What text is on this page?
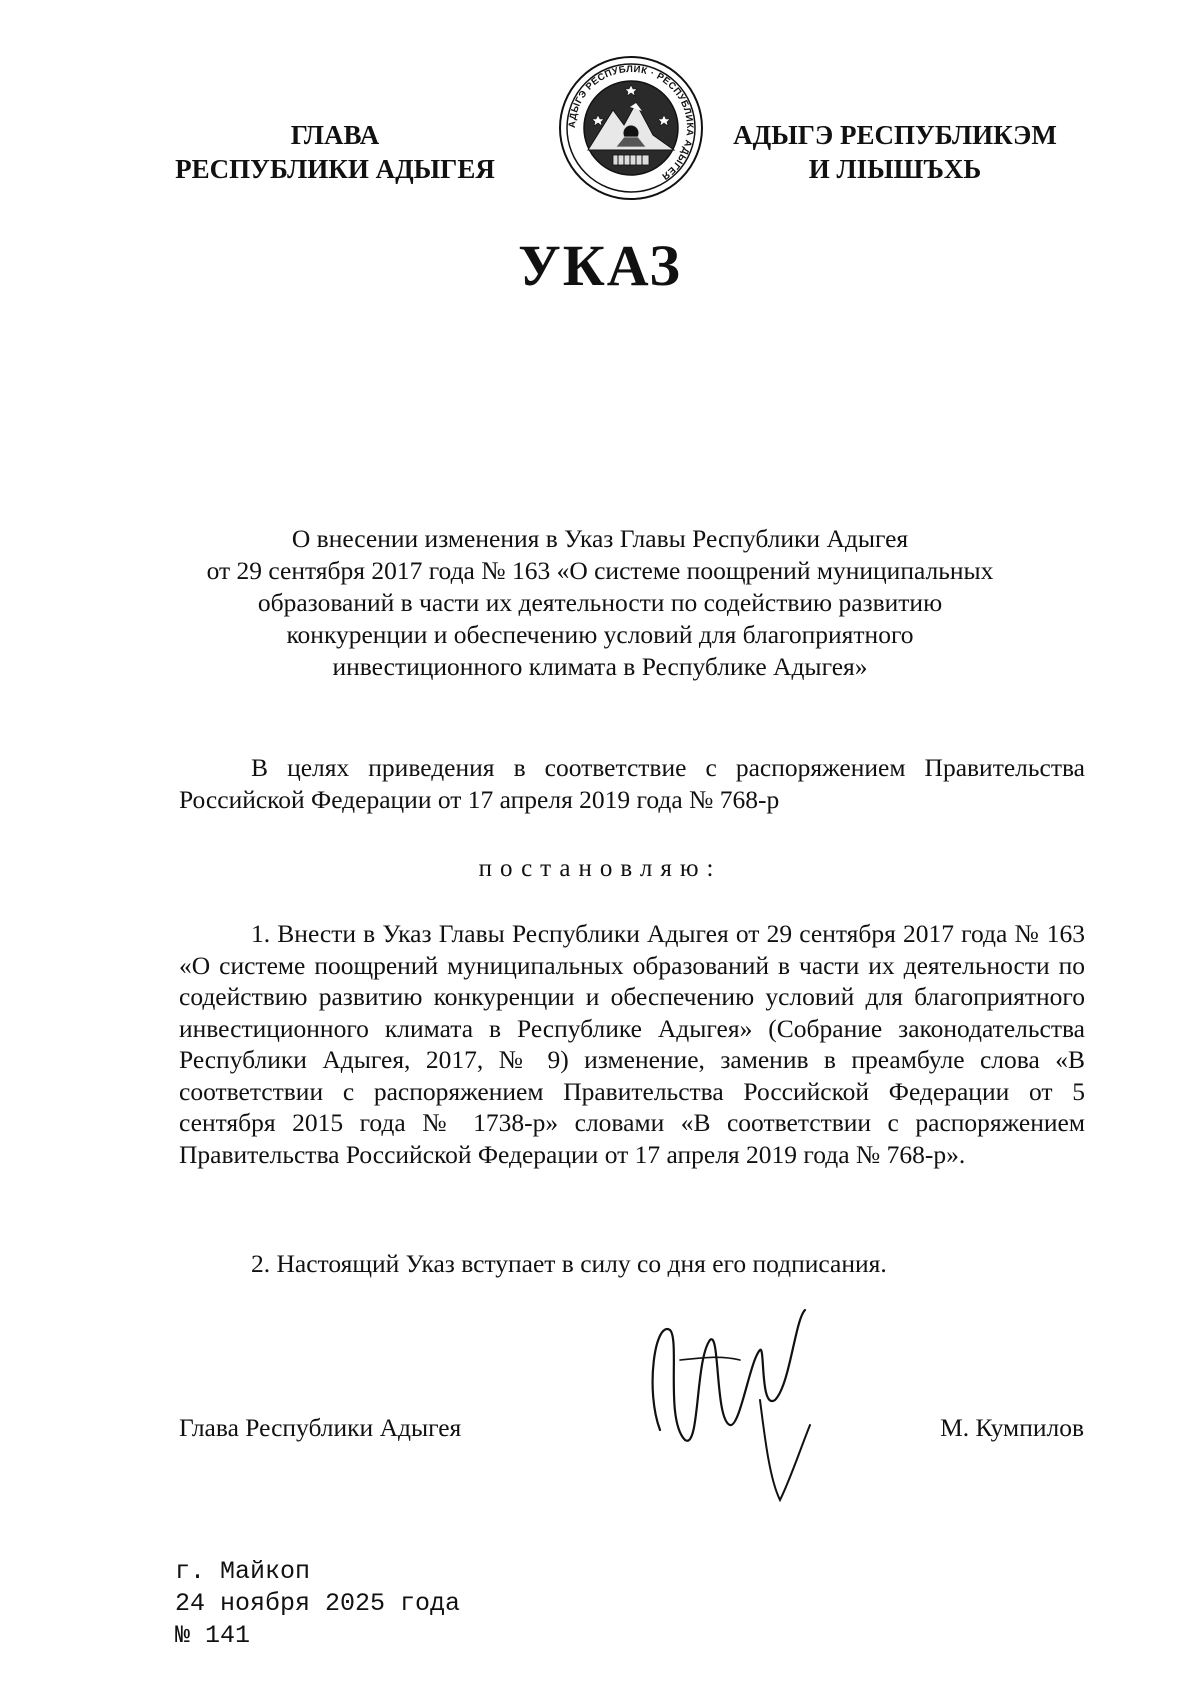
ГЛАВА
РЕСПУБЛИКИ АДЫГЕЯ
АДЫГЭ РЕСПУБЛИК · РЕСПУБЛИКА АДЫГЕЯ
АДЫГЭ РЕСПУБЛИКЭМ
И ЛІЫШЪХЬ
УКАЗ
О внесении изменения в Указ Главы Республики Адыгея
от 29 сентября 2017 года № 163 «О системе поощрений муниципальных
образований в части их деятельности по содействию развитию
конкуренции и обеспечению условий для благоприятного
инвестиционного климата в Республике Адыгея»
В целях приведения в соответствие с распоряжением Правительства Российской Федерации от 17 апреля 2019 года № 768-р
постановляю:
1. Внести в Указ Главы Республики Адыгея от 29 сентября 2017 года № 163 «О системе поощрений муниципальных образований в части их деятельности по содействию развитию конкуренции и обеспечению условий для благоприятного инвестиционного климата в Республике Адыгея» (Собрание законодательства Республики Адыгея, 2017, № 9) изменение, заменив в преамбуле слова «В соответствии с распоряжением Правительства Российской Федерации от 5 сентября 2015 года № 1738-р» словами «В соответствии с распоряжением Правительства Российской Федерации от 17 апреля 2019 года № 768-р».
2. Настоящий Указ вступает в силу со дня его подписания.
Глава Республики Адыгея	М. Кумпилов
г. Майкоп
24 ноября 2025 года
№ 141
